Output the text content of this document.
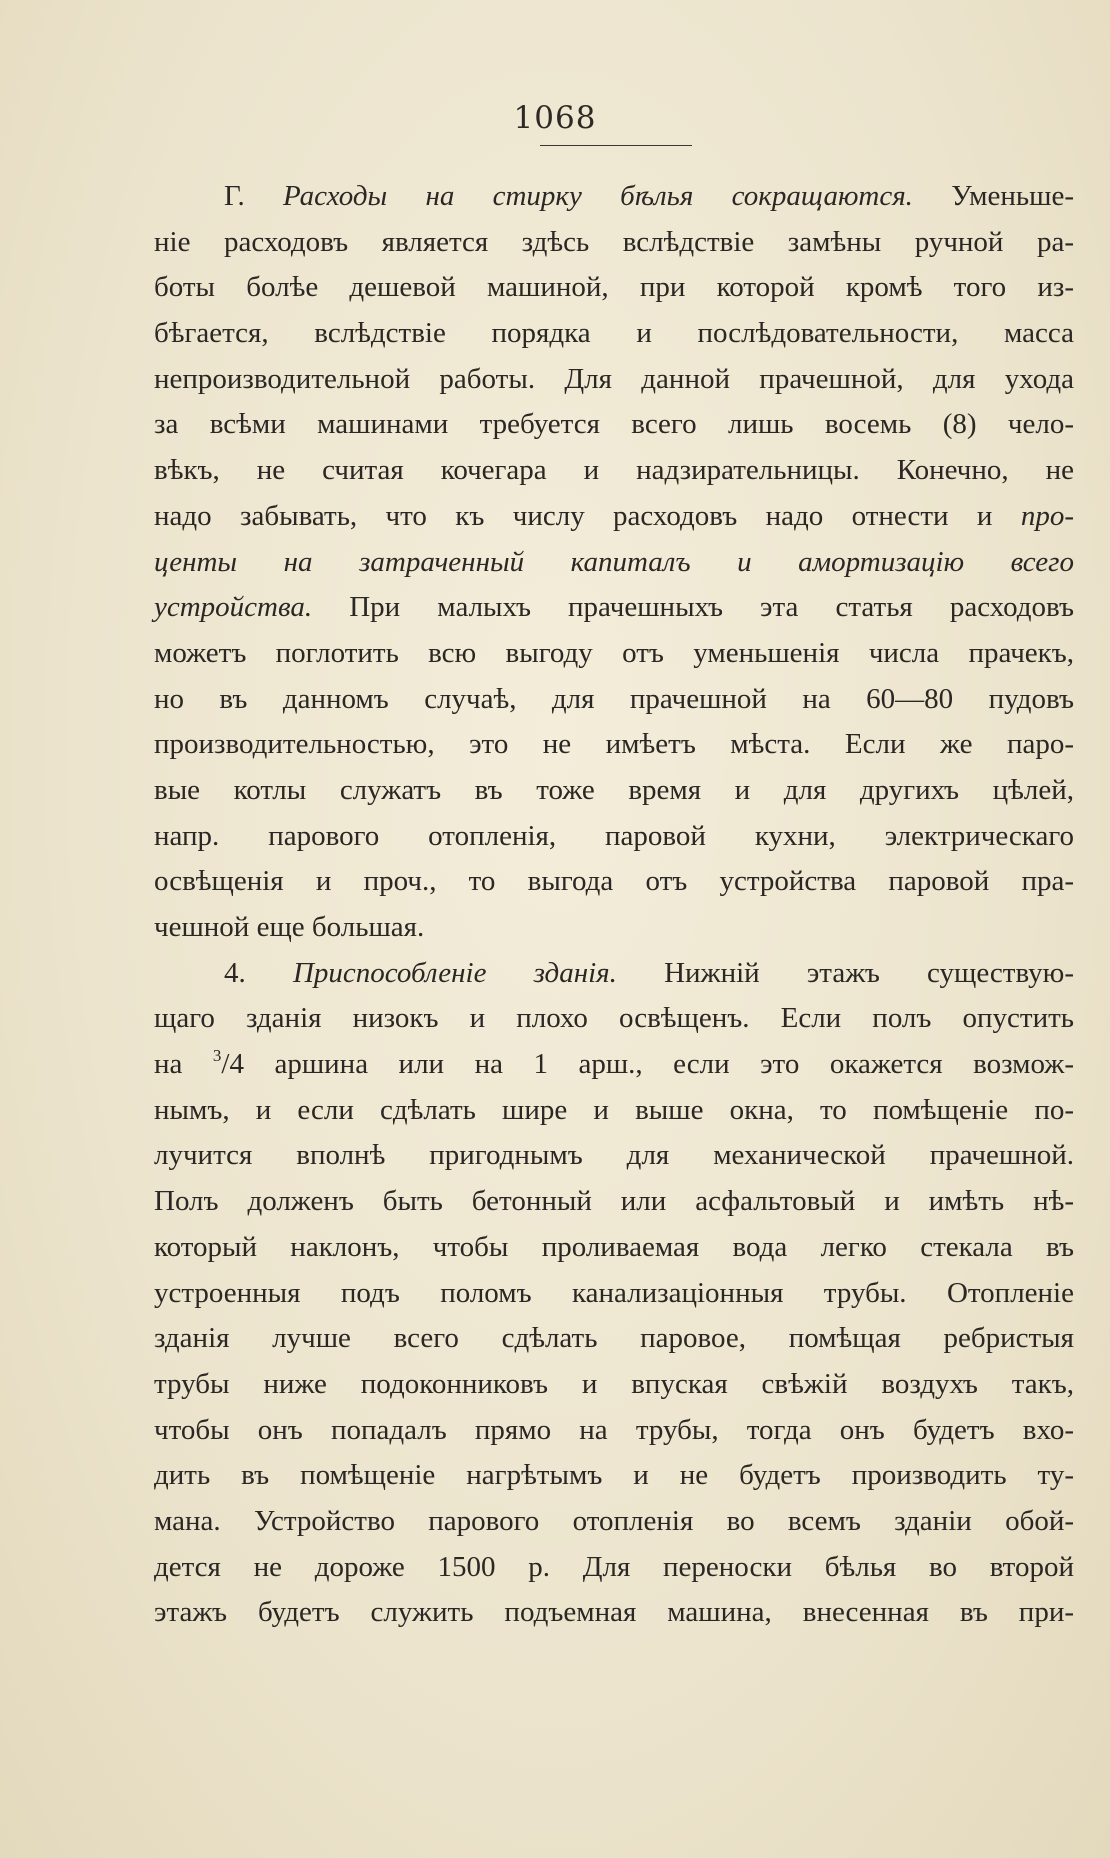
1068
Г. Расходы на стирку бѣлья сокращаются. Уменьше-
ніе расходовъ является здѣсь вслѣдствіе замѣны ручной ра-
боты болѣе дешевой машиной, при которой кромѣ того из-
бѣгается, вслѣдствіе порядка и послѣдовательности, масса
непроизводительной работы. Для данной прачешной, для ухода
за всѣми машинами требуется всего лишь восемь (8) чело-
вѣкъ, не считая кочегара и надзирательницы. Конечно, не
надо забывать, что къ числу расходовъ надо отнести и про-
центы на затраченный капиталъ и амортизацію всего
устройства. При малыхъ прачешныхъ эта статья расходовъ
можетъ поглотить всю выгоду отъ уменьшенія числа прачекъ,
но въ данномъ случаѣ, для прачешной на 60—80 пудовъ
производительностью, это не имѣетъ мѣста. Если же паро-
вые котлы служатъ въ тоже время и для другихъ цѣлей,
напр. парового отопленія, паровой кухни, электрическаго
освѣщенія и проч., то выгода отъ устройства паровой пра-
чешной еще большая.
4. Приспособленіе зданія. Нижній этажъ существую-
щаго зданія низокъ и плохо освѣщенъ. Если полъ опустить
на $^3$/4 аршина или на 1 арш., если это окажется возмож-
нымъ, и если сдѣлать шире и выше окна, то помѣщеніе по-
лучится вполнѣ пригоднымъ для механической прачешной.
Полъ долженъ быть бетонный или асфальтовый и имѣть нѣ-
который наклонъ, чтобы проливаемая вода легко стекала въ
устроенныя подъ поломъ канализаціонныя трубы. Отопленіе
зданія лучше всего сдѣлать паровое, помѣщая ребристыя
трубы ниже подоконниковъ и впуская свѣжій воздухъ такъ,
чтобы онъ попадалъ прямо на трубы, тогда онъ будетъ вхо-
дить въ помѣщеніе нагрѣтымъ и не будетъ производить ту-
мана. Устройство парового отопленія во всемъ зданіи обой-
дется не дороже 1500 р. Для переноски бѣлья во второй
этажъ будетъ служить подъемная машина, внесенная въ при-
